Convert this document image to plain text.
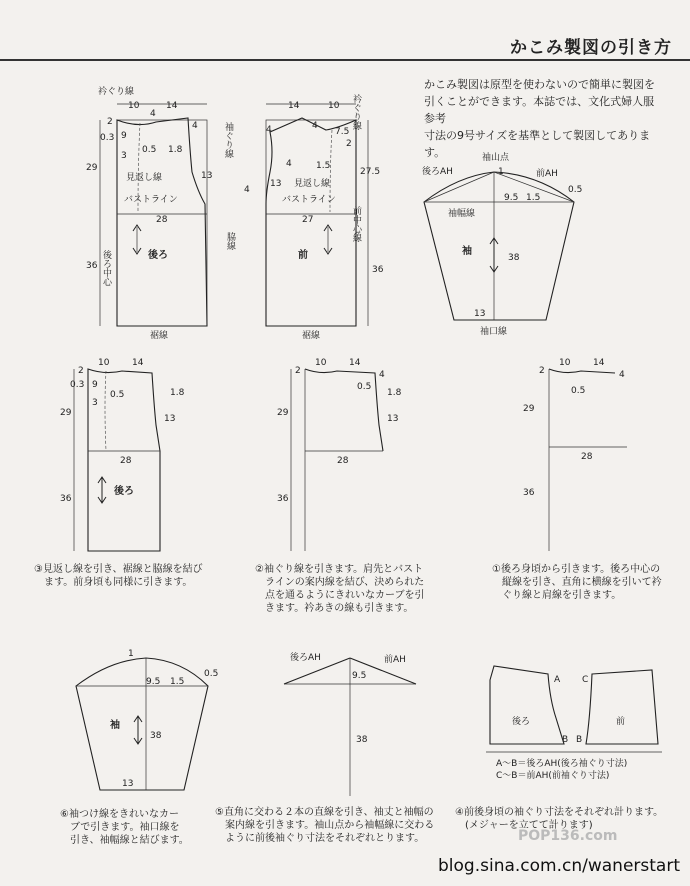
かこみ製図の引き方
かこみ製図は原型を使わないので簡単に製図を
引くことができます。本誌では、文化式婦人服参考
寸法の9号サイズを基準として製図してあります。
衿ぐり線
10	14
2
4
4
0.3 9
0.5 1.8
3
13
29
見返し線
バストライン
28
36 後ろ中心	後ろ
裾線
14	10 衿ぐり線
4	4
7.5
2
4	1.5
4
13
27.5
袖ぐり線
見返し線
バストライン
27
脇線	前中心線
36
前
裾線
後ろAH
袖山点
前AH
1
0.5
9.5 1.5
袖幅線
袖
38
13
袖口線
2
10	14
0.3 9
0.5	1.8
29
3
13
28
後ろ
36
2
10	14
4
0.5
1.8
29
13
28
36
2
10	14
4
0.5
29
28
36
③見返し線を引き、裾線と脇線を結び
　ます。前身頃も同様に引きます。
②袖ぐり線を引きます。肩先とバスト
　ラインの案内線を結び、決められた
　点を通るようにきれいなカーブを引
　きます。衿あきの線も引きます。
①後ろ身頃から引きます。後ろ中心の
　縦線を引き、直角に横線を引いて衿
　ぐり線と肩線を引きます。
1
0.5
9.5 1.5
袖
38
13
後ろAH	前AH
9.5
38
A C
B B
後ろ	前
A〜B＝後ろAH(後ろ袖ぐり寸法)
C〜B＝前AH(前袖ぐり寸法)
⑥袖つけ線をきれいなカー
　ブで引きます。袖口線を
　引き、袖幅線と結びます。
⑤直角に交わる２本の直線を引き、袖丈と袖幅の
　案内線を引きます。袖山点から袖幅線に交わる
　ように前後袖ぐり寸法をそれぞれとります。
④前後身頃の袖ぐり寸法をそれぞれ計ります。
　(メジャーを立てて計ります)
POP136.com
blog.sina.com.cn/wanerstart
